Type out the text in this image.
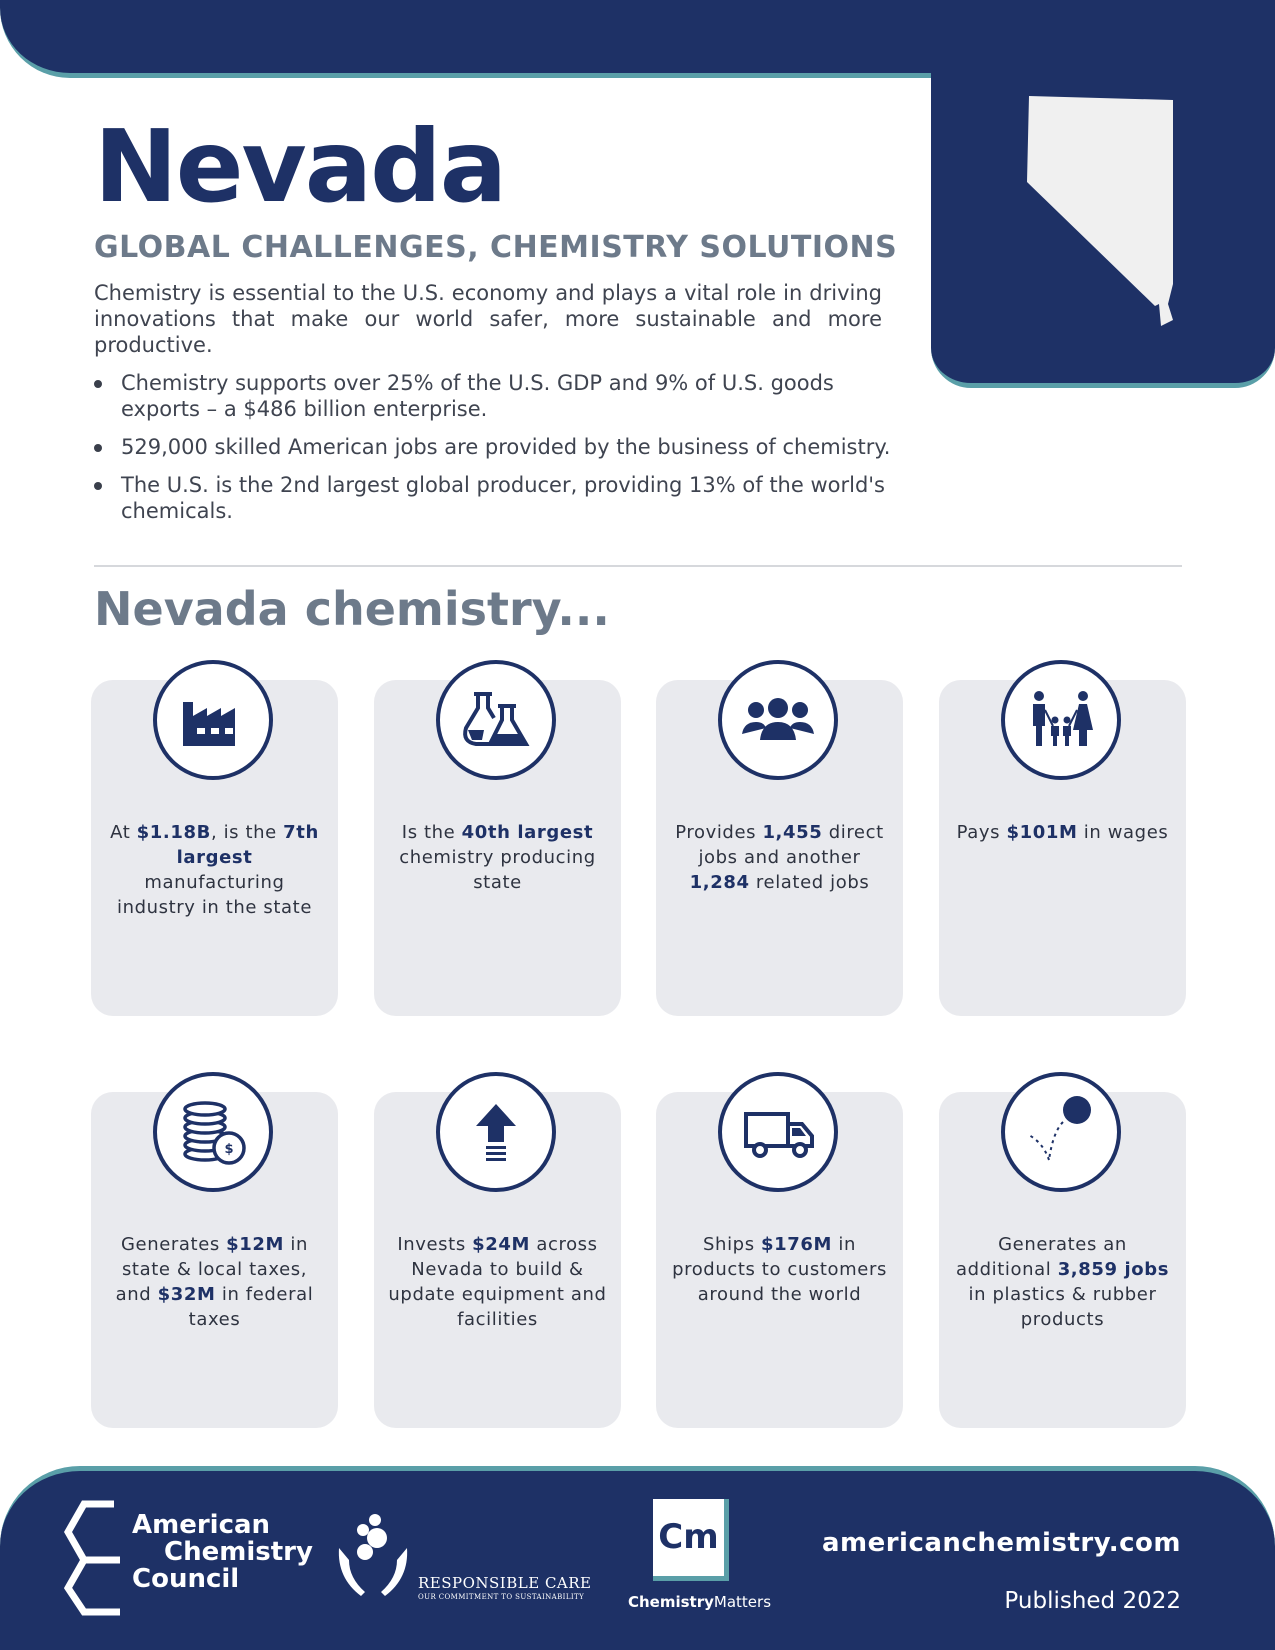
Nevada
GLOBAL CHALLENGES, CHEMISTRY SOLUTIONS

Chemistry is essential to the U.S. economy and plays a vital role in driving innovations that make our world safer, more sustainable and more productive.

Chemistry supports over 25% of the U.S. GDP and 9% of U.S. goods exports – a $486 billion enterprise.
529,000 skilled American jobs are provided by the business of chemistry.
The U.S. is the 2nd largest global producer, providing 13% of the world's chemicals.
Nevada chemistry...
At $1.18B, is the 7th largest manufacturing industry in the state
Is the 40th largest chemistry producing state
Provides 1,455 direct jobs and another 1,284 related jobs
Pays $101M in wages
$
Generates $12M in state & local taxes, and $32M in federal taxes
Invests $24M across Nevada to build & update equipment and facilities
Ships $176M in products to customers around the world
Generates an additional 3,859 jobs in plastics & rubber products
American
Chemistry
Council	RESPONSIBLE CARE
OUR COMMITMENT TO SUSTAINABILITY
Cm
ChemistryMatters
americanchemistry.com
Published 2022
